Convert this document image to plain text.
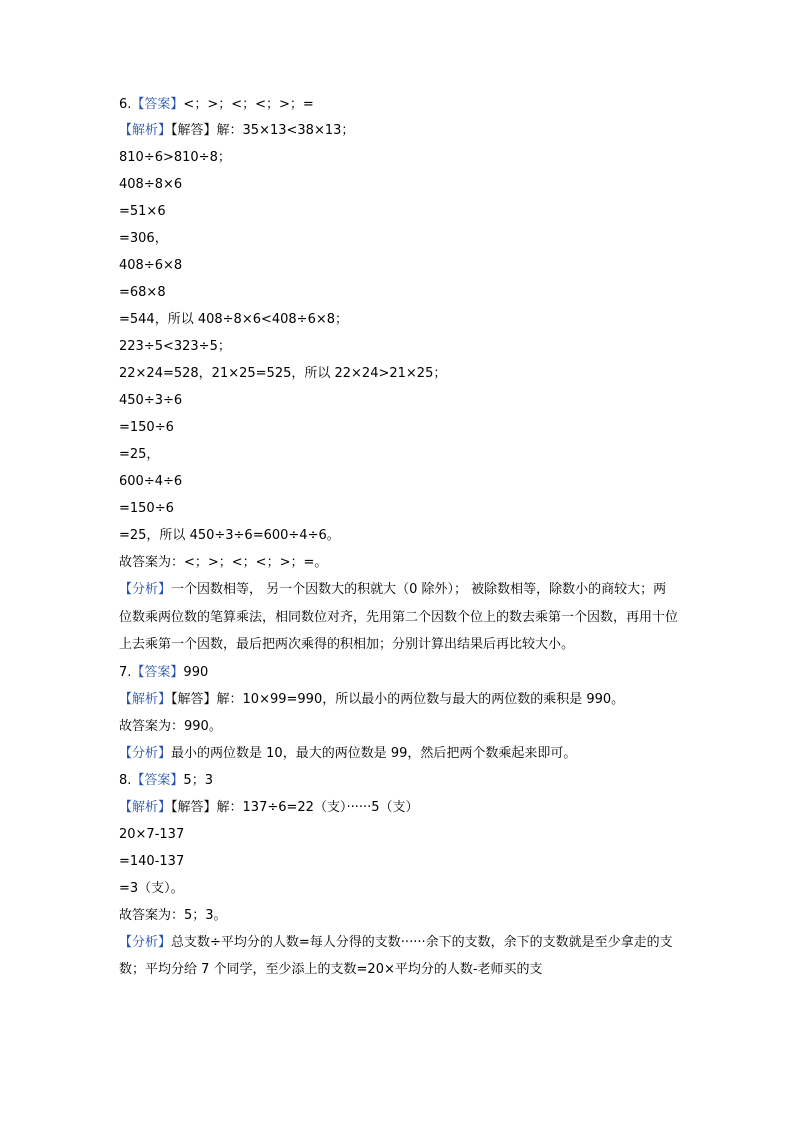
6.【答案】<；>；<；<；>；=
【解析】【解答】解：35×13<38×13；
810÷6>810÷8；
408÷8×6
=51×6
=306，
408÷6×8
=68×8
=544，所以 408÷8×6<408÷6×8；
223÷5<323÷5；
22×24=528，21×25=525，所以 22×24>21×25；
450÷3÷6
=150÷6
=25，
600÷4÷6
=150÷6
=25，所以 450÷3÷6=600÷4÷6。
故答案为：<；>；<；<；>；=。
【分析】一个因数相等， 另一个因数大的积就大（0 除外）； 被除数相等，除数小的商较大；两位数乘两位数的笔算乘法，相同数位对齐，先用第二个因数个位上的数去乘第一个因数，再用十位上去乘第一个因数，最后把两次乘得的积相加；分别计算出结果后再比较大小。
7.【答案】990
【解析】【解答】解：10×99=990，所以最小的两位数与最大的两位数的乘积是 990。
故答案为：990。
【分析】最小的两位数是 10，最大的两位数是 99，然后把两个数乘起来即可。
8.【答案】5；3
【解析】【解答】解：137÷6=22（支）······5（支）
20×7-137
=140-137
=3（支）。
故答案为：5；3。
【分析】总支数÷平均分的人数=每人分得的支数······余下的支数，余下的支数就是至少拿走的支数；平均分给 7 个同学，至少添上的支数=20×平均分的人数-老师买的支
